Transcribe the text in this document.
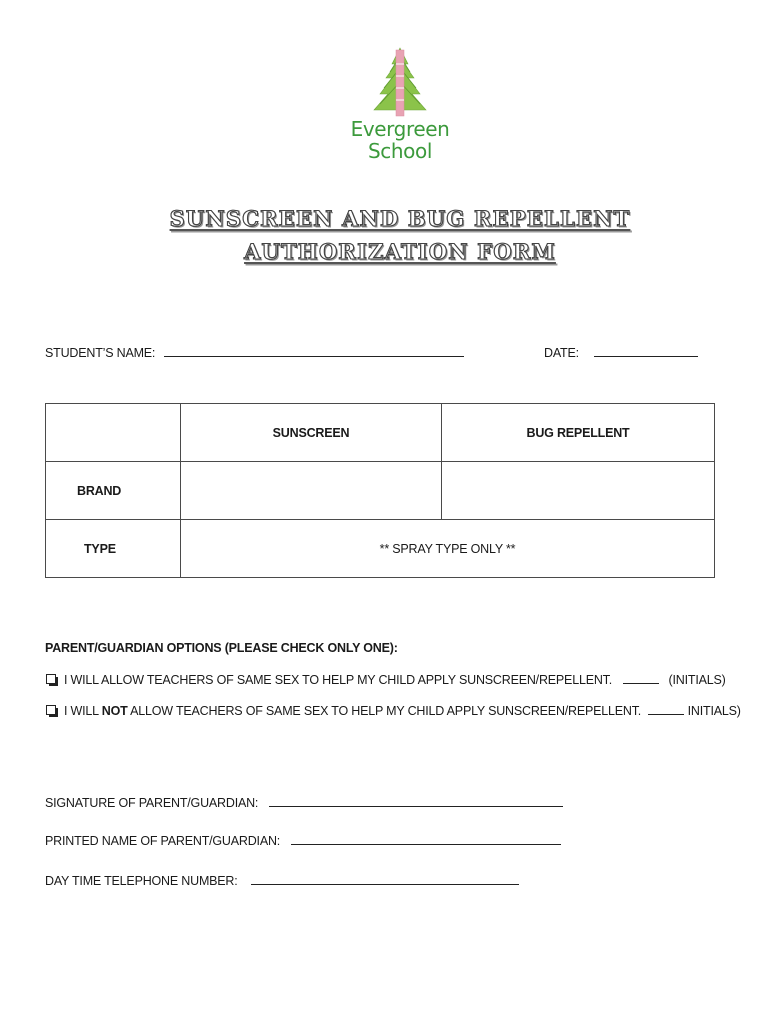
Evergreen
School
SUNSCREEN AND BUG REPELLENT
AUTHORIZATION FORM
STUDENT’S NAME:	DATE:
	SUNSCREEN	BUG REPELLENT
BRAND		
TYPE	** SPRAY TYPE ONLY **	
PARENT/GUARDIAN OPTIONS (PLEASE CHECK ONLY ONE):
I WILL ALLOW TEACHERS OF SAME SEX TO HELP MY CHILD APPLY SUNSCREEN/REPELLENT.	(INITIALS)
I WILL NOT ALLOW TEACHERS OF SAME SEX TO HELP MY CHILD APPLY SUNSCREEN/REPELLENT.	INITIALS)
SIGNATURE OF PARENT/GUARDIAN:
PRINTED NAME OF PARENT/GUARDIAN:
DAY TIME TELEPHONE NUMBER:
